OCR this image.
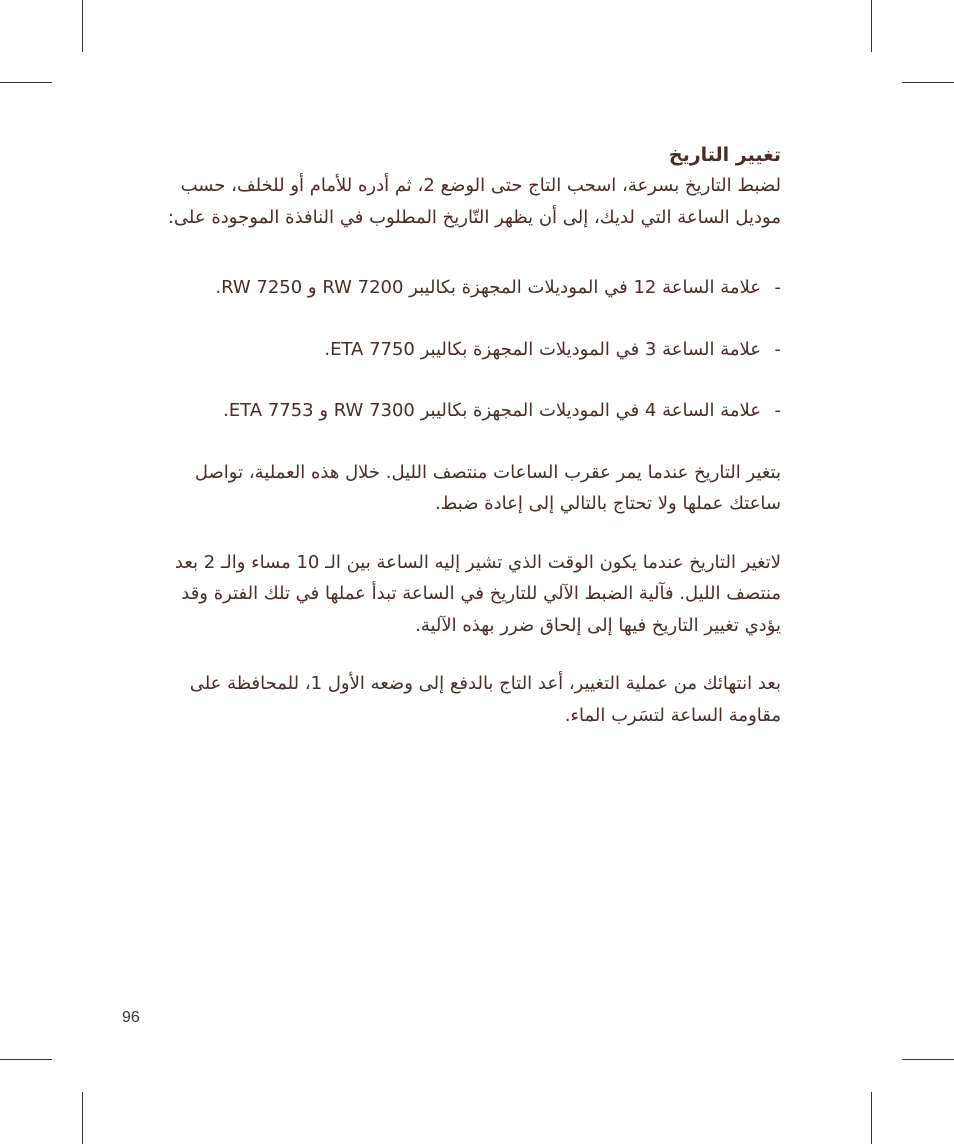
تغيير التاريخ

لضبط التاريخ بسرعة، اسحب التاج حتى الوضع 2، ثم أدره للأمام أو للخلف، حسب موديل الساعة التي لديك، إلى أن يظهر التّاريخ المطلوب في النافذة الموجودة على:

-
علامة الساعة 12 في الموديلات المجهزة بكاليبر RW 7200 و RW 7250.
-
علامة الساعة 3 في الموديلات المجهزة بكاليبر ETA 7750.
-
علامة الساعة 4 في الموديلات المجهزة بكاليبر RW 7300 و ETA 7753.

بتغير التاريخ عندما يمر عقرب الساعات منتصف الليل. خلال هذه العملية، تواصل ساعتك عملها ولا تحتاج بالتالي إلى إعادة ضبط.

لاتغير التاريخ عندما يكون الوقت الذي تشير إليه الساعة بين الـ 10 مساء والـ 2 بعد منتصف الليل. فآلية الضبط الآلي للتاريخ في الساعة تبدأ عملها في تلك الفترة وقد يؤدي تغيير التاريخ فيها إلى إلحاق ضرر بهذه الآلية.

بعد انتهائك من عملية التغيير، أعد التاج بالدفع إلى وضعه الأول 1، للمحافظة على مقاومة الساعة لتسَرب الماء.

96
